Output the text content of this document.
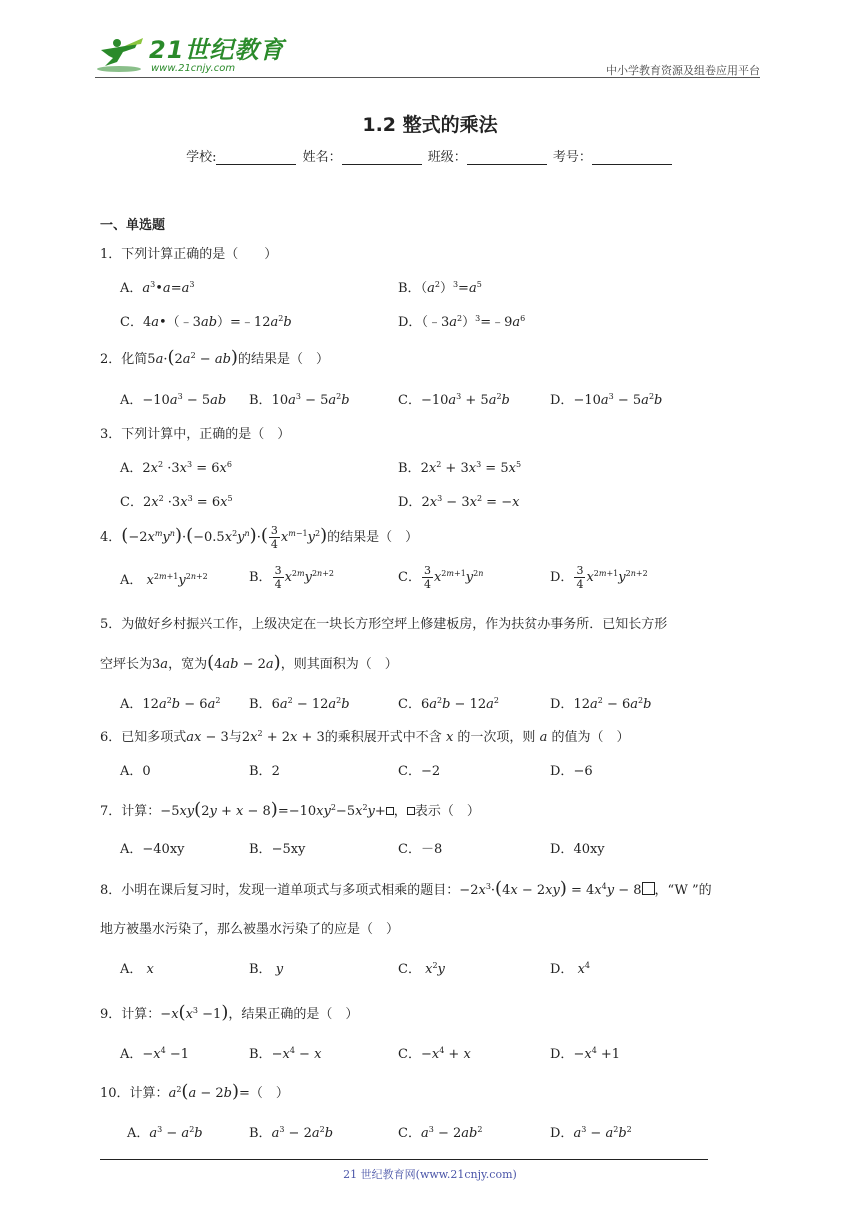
21世纪教育
www.21cnjy.com	中小学教育资源及组卷应用平台
1.2 整式的乘法
学校:	姓名：	班级：	考号：
一、单选题
1．下列计算正确的是（　　）
A．$a^3•a=a^3$	B．$(a^2)^3=a^5$
C．$4a•(﹣3ab)=﹣12a^2b$	D．$(﹣3a^2)^3=﹣9a^6$
2．化简$5a\cdot(2a^2 - ab)$的结果是（　）
A．$-10a^3 - 5ab$ B．$10a^3 - 5a^2b$	C．$-10a^3 + 5a^2b$	D．$-10a^3 - 5a^2b$
3．下列计算中，正确的是（　）
A．$2x^2 \cdot 3x^3 = 6x^6$	B．$2x^2 + 3x^3 = 5x^5$
C．$2x^2 \cdot 3x^3 = 6x^5$	D．$2x^3 - 3x^2 = -x$
4．$(-2x^my^n)\cdot(-0.5x^2y^n)\cdot( \frac{3}{4} x^{m-1}y^2)$的结果是（　）
A． $x^{2m+1}y^{2n+2}$	B． $\frac{3}{4} x^{2m}y^{2n+2}$	C． $\frac{3}{4} x^{2m+1}y^{2n}$	D． $\frac{3}{4} x^{2m+1}y^{2n+2}$
5．为做好乡村振兴工作，上级决定在一块长方形空坪上修建板房，作为扶贫办事务所．已知长方形
空坪长为3a，宽为(4ab − 2a)，则其面积为（　）
A．$12a^2b - 6a^2$ B．$6a^2 - 12a^2b$	C．$6a^2b - 12a^2$	D．$12a^2 - 6a^2b$
6．已知多项式ax − 3与$2x^2 + 2x + 3$的乘积展开式中不含 x 的一次项，则 a 的值为（　）
A．0	B．2	C．−2	D．−6
7．计算：$-5xy(2y + x - 8)=-10xy^2-5x^2y+$ ， 表示（　）
A．−40xy	B．−5xy	C．－8	D．40xy
8．小明在课后复习时，发现一道单项式与多项式相乘的题目：$-2x^3\cdot(4x - 2xy) = 4x^4y - 8$ ，“W ”的
地方被墨水污染了，那么被墨水污染了的应是（　）
A． x	B． y	C． $x^2y$	D． $x^4$
9．计算：$-x(x^3 -1)$，结果正确的是（　）
A．$-x^4 -1$	B．$-x^4 - x$	C．$-x^4 + x$	D．$-x^4 +1$
10．计算：$a^2(a - 2b)=$（　）
A．$a^3 - a^2b$	B．$a^3 - 2a^2b$	C．$a^3 - 2ab^2$	D．$a^3 - a^2b^2$
21 世纪教育网(www.21cnjy.com)
